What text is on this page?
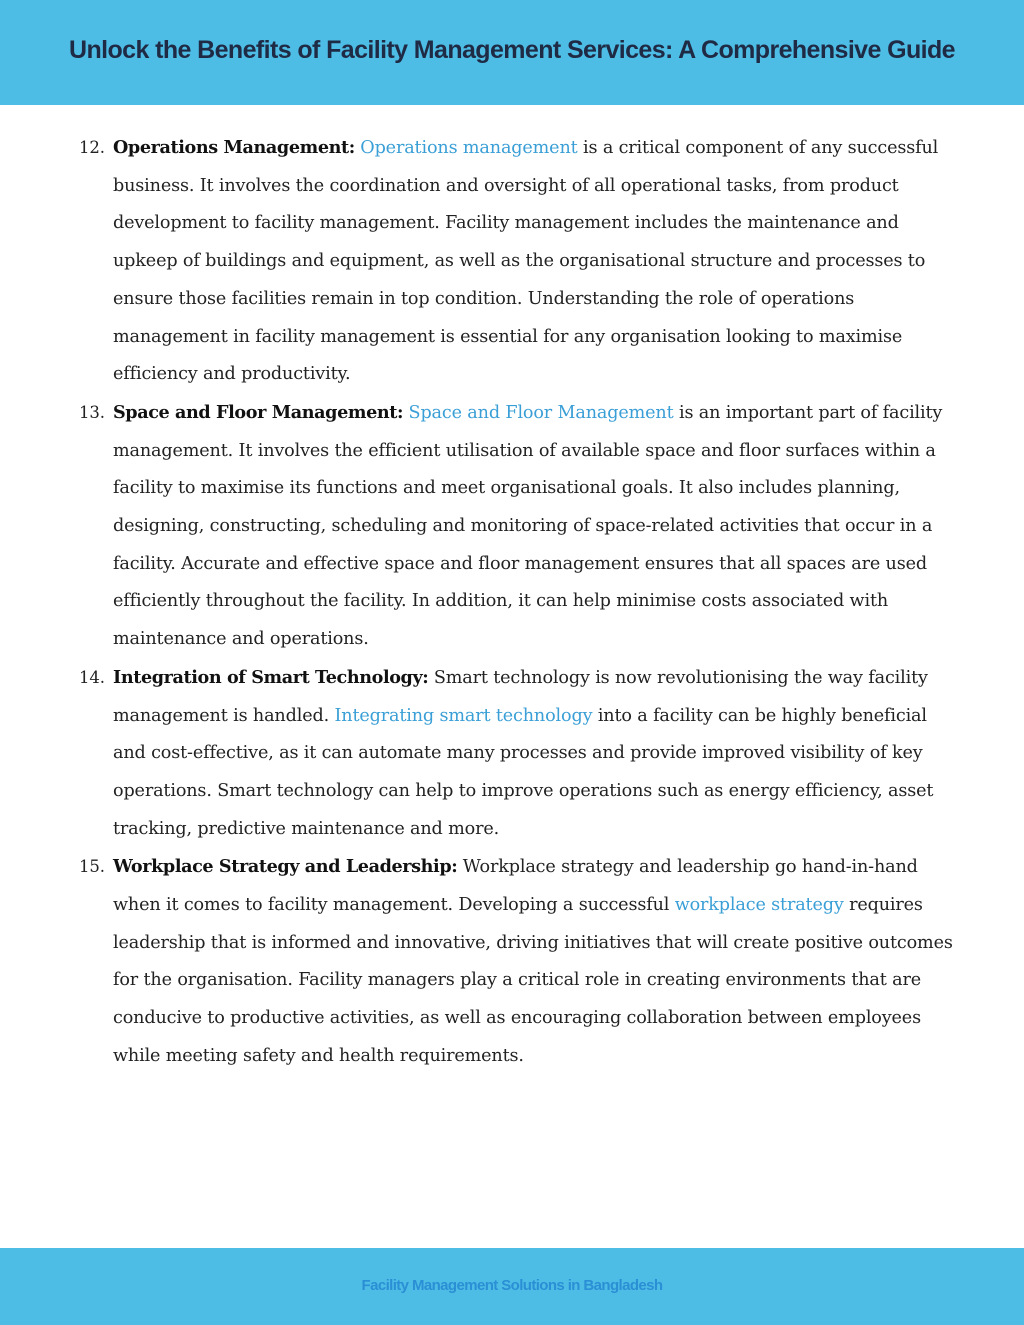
Unlock the Benefits of Facility Management Services: A Comprehensive Guide
12. Operations Management: Operations management is a critical component of any successful business. It involves the coordination and oversight of all operational tasks, from product development to facility management. Facility management includes the maintenance and upkeep of buildings and equipment, as well as the organisational structure and processes to ensure those facilities remain in top condition. Understanding the role of operations management in facility management is essential for any organisation looking to maximise efficiency and productivity.
13. Space and Floor Management: Space and Floor Management is an important part of facility management. It involves the efficient utilisation of available space and floor surfaces within a facility to maximise its functions and meet organisational goals. It also includes planning, designing, constructing, scheduling and monitoring of space-related activities that occur in a facility. Accurate and effective space and floor management ensures that all spaces are used efficiently throughout the facility. In addition, it can help minimise costs associated with maintenance and operations.
14. Integration of Smart Technology: Smart technology is now revolutionising the way facility management is handled. Integrating smart technology into a facility can be highly beneficial and cost-effective, as it can automate many processes and provide improved visibility of key operations. Smart technology can help to improve operations such as energy efficiency, asset tracking, predictive maintenance and more.
15. Workplace Strategy and Leadership: Workplace strategy and leadership go hand-in-hand when it comes to facility management. Developing a successful workplace strategy requires leadership that is informed and innovative, driving initiatives that will create positive outcomes for the organisation. Facility managers play a critical role in creating environments that are conducive to productive activities, as well as encouraging collaboration between employees while meeting safety and health requirements.
Facility Management Solutions in Bangladesh
